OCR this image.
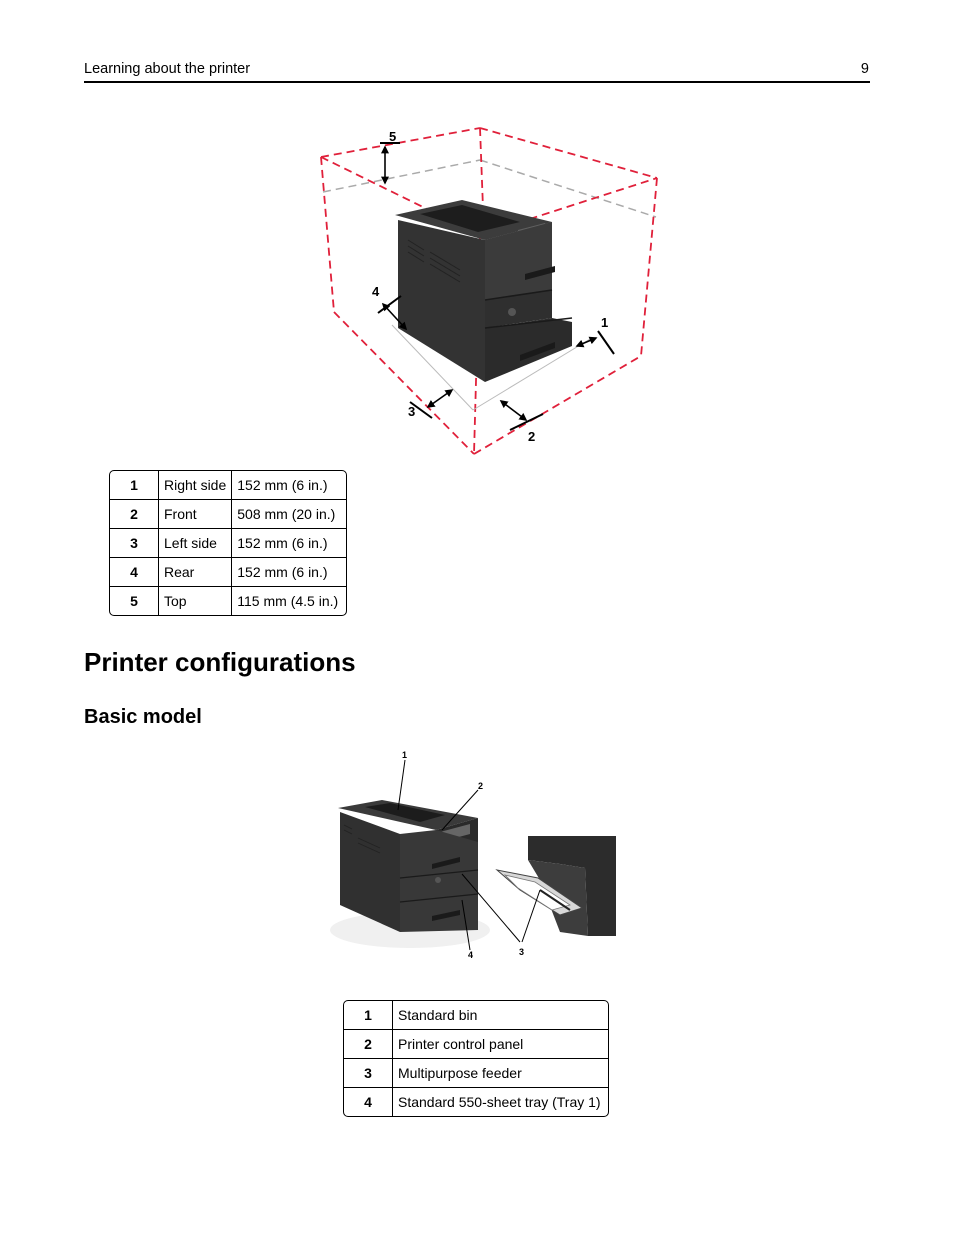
Learning about the printer	9
5
4
1
3
2
1	Right side	152 mm (6 in.)
2	Front	508 mm (20 in.)
3	Left side	152 mm (6 in.)
4	Rear	152 mm (6 in.)
5	Top	115 mm (4.5 in.)
Printer configurations
Basic model
1
2
3
4
1	Standard bin
2	Printer control panel
3	Multipurpose feeder
4	Standard 550-sheet tray (Tray 1)
